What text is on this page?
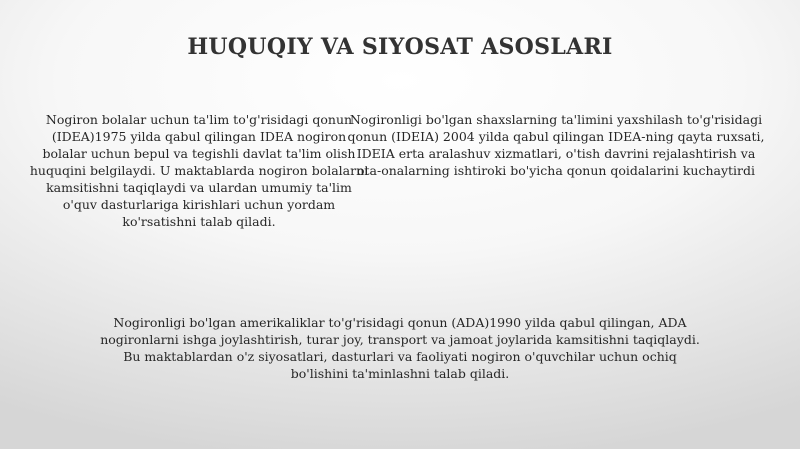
HUQUQIY VA SIYOSAT ASOSLARI

Nogiron bolalar uchun ta'lim to'g'risidagi qonun (IDEA)1975 yilda qabul qilingan IDEA nogiron bolalar uchun bepul va tegishli davlat ta'lim olish huquqini belgilaydi. U maktablarda nogiron bolalarni kamsitishni taqiqlaydi va ulardan umumiy ta'lim o'quv dasturlariga kirishlari uchun yordam ko'rsatishni talab qiladi.

Nogironligi bo'lgan shaxslarning ta'limini yaxshilash to'g'risidagi qonun (IDEIA) 2004 yilda qabul qilingan IDEA-ning qayta ruxsati, IDEIA erta aralashuv xizmatlari, o'tish davrini rejalashtirish va ota-onalarning ishtiroki bo'yicha qonun qoidalarini kuchaytirdi

Nogironligi bo'lgan amerikaliklar to'g'risidagi qonun (ADA)1990 yilda qabul qilingan, ADA nogironlarni ishga joylashtirish, turar joy, transport va jamoat joylarida kamsitishni taqiqlaydi. Bu maktablardan o'z siyosatlari, dasturlari va faoliyati nogiron o'quvchilar uchun ochiq bo'lishini ta'minlashni talab qiladi.
